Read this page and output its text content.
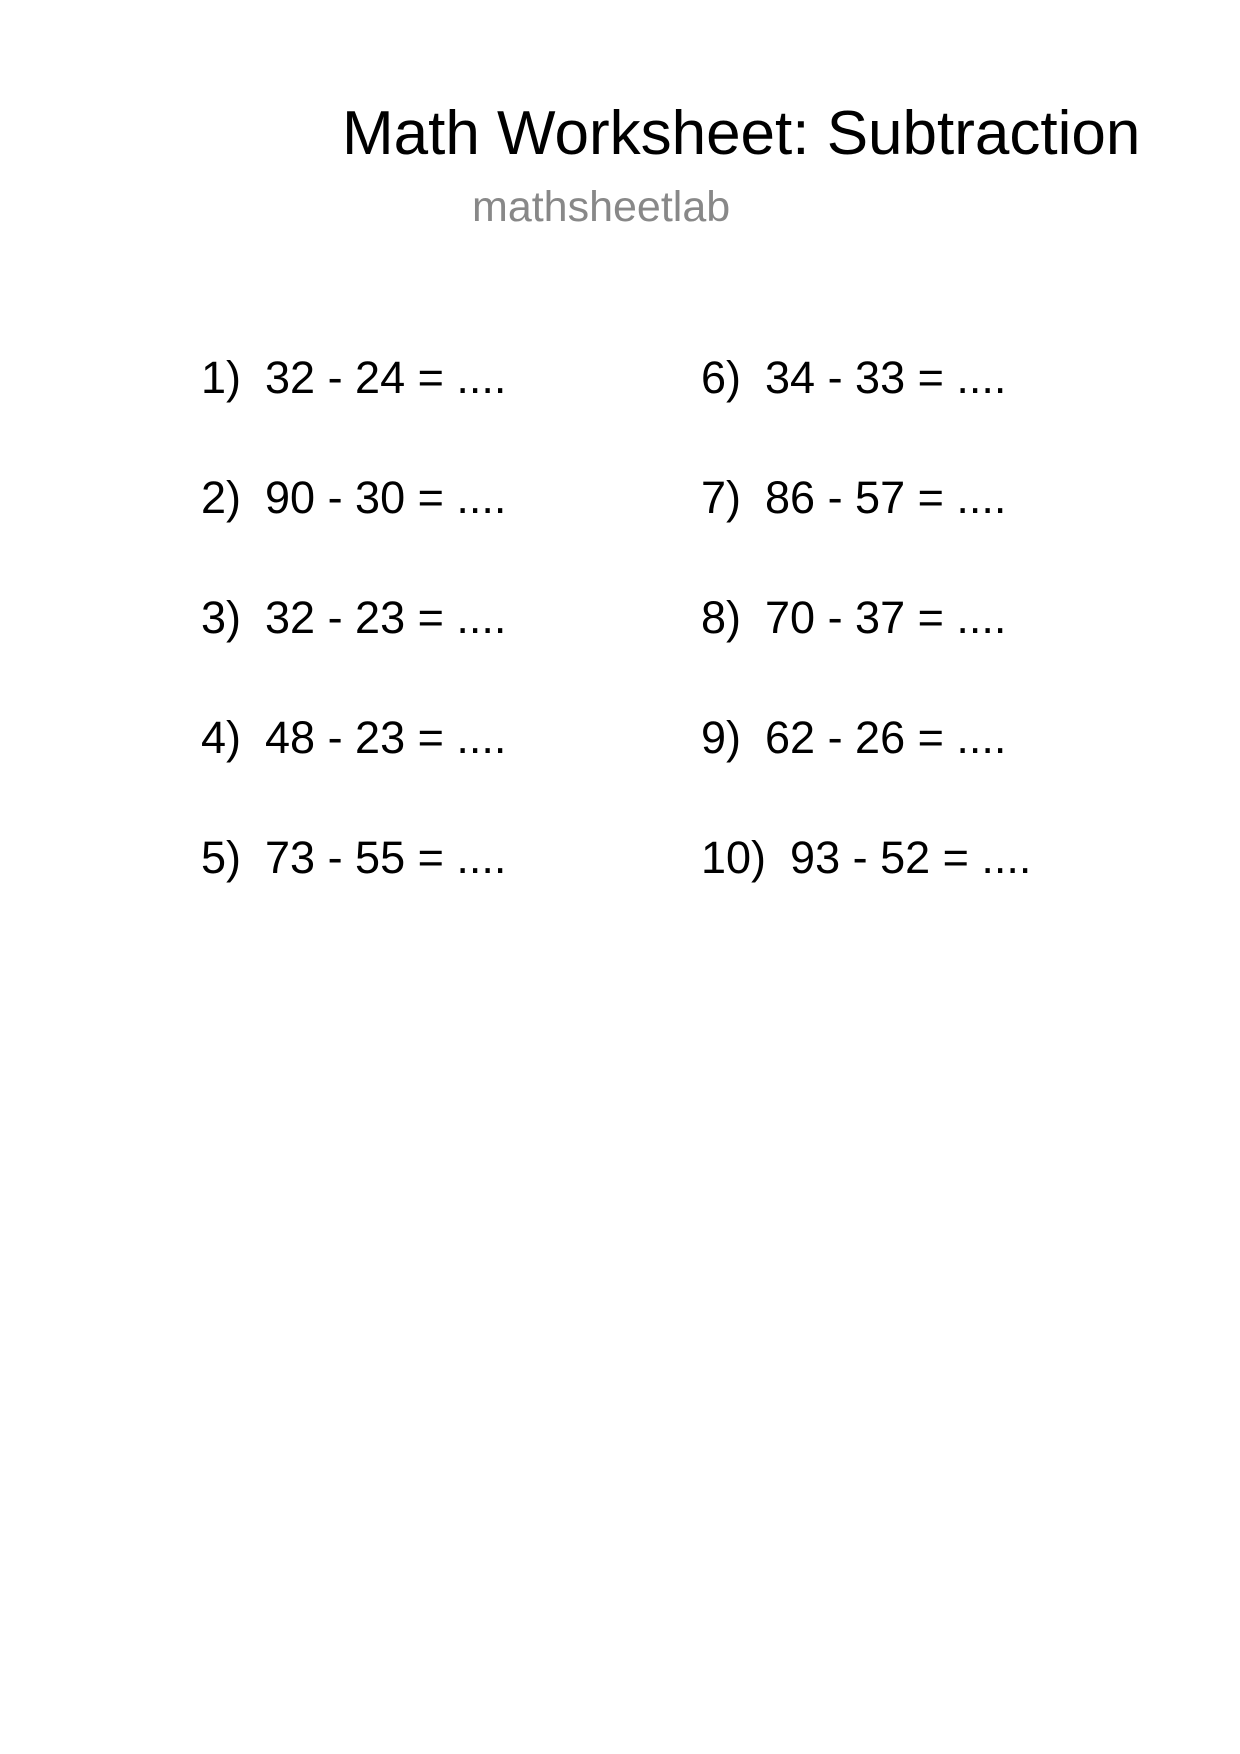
Math Worksheet: Subtraction
mathsheetlab
1) 32 - 24 = ....
2) 90 - 30 = ....
3) 32 - 23 = ....
4) 48 - 23 = ....
5) 73 - 55 = ....
6) 34 - 33 = ....
7) 86 - 57 = ....
8) 70 - 37 = ....
9) 62 - 26 = ....
10) 93 - 52 = ....
